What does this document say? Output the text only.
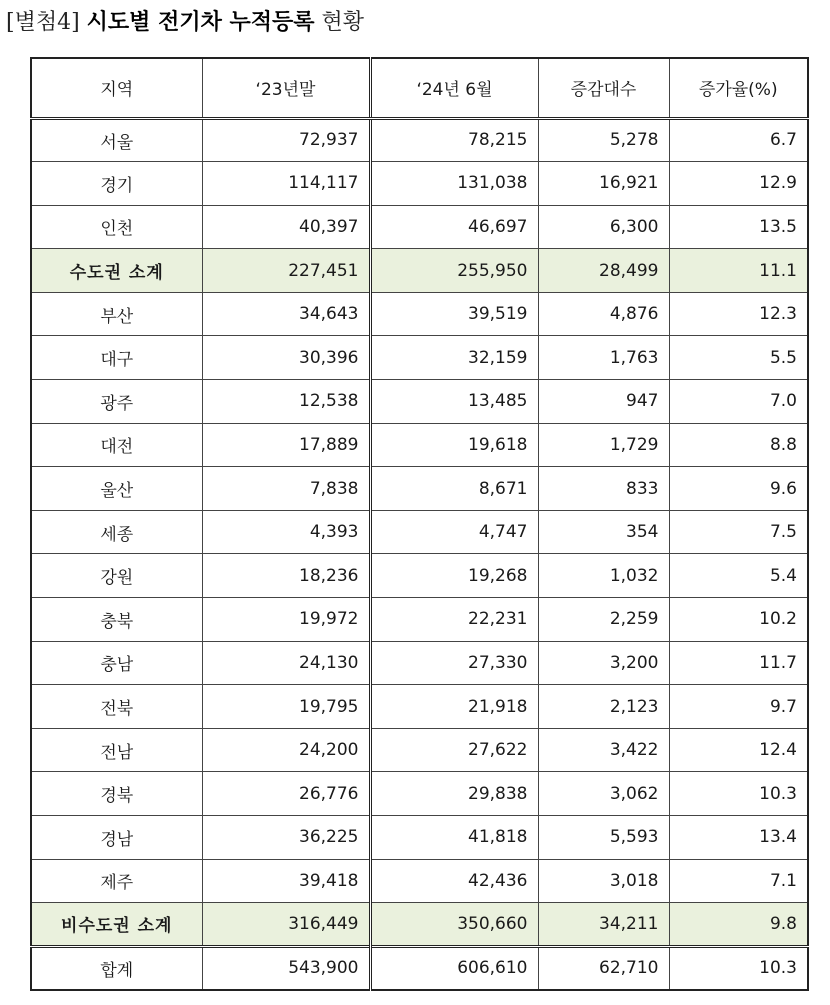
[별첨4] 시도별 전기차 누적등록 현황
지역	‘23년말	‘24년 6월	증감대수	증가율(%)
서울	72,937	78,215	5,278	6.7
경기	114,117	131,038	16,921	12.9
인천	40,397	46,697	6,300	13.5
수도권 소계	227,451	255,950	28,499	11.1
부산	34,643	39,519	4,876	12.3
대구	30,396	32,159	1,763	5.5
광주	12,538	13,485	947	7.0
대전	17,889	19,618	1,729	8.8
울산	7,838	8,671	833	9.6
세종	4,393	4,747	354	7.5
강원	18,236	19,268	1,032	5.4
충북	19,972	22,231	2,259	10.2
충남	24,130	27,330	3,200	11.7
전북	19,795	21,918	2,123	9.7
전남	24,200	27,622	3,422	12.4
경북	26,776	29,838	3,062	10.3
경남	36,225	41,818	5,593	13.4
제주	39,418	42,436	3,018	7.1
비수도권 소계	316,449	350,660	34,211	9.8
합계	543,900	606,610	62,710	10.3
